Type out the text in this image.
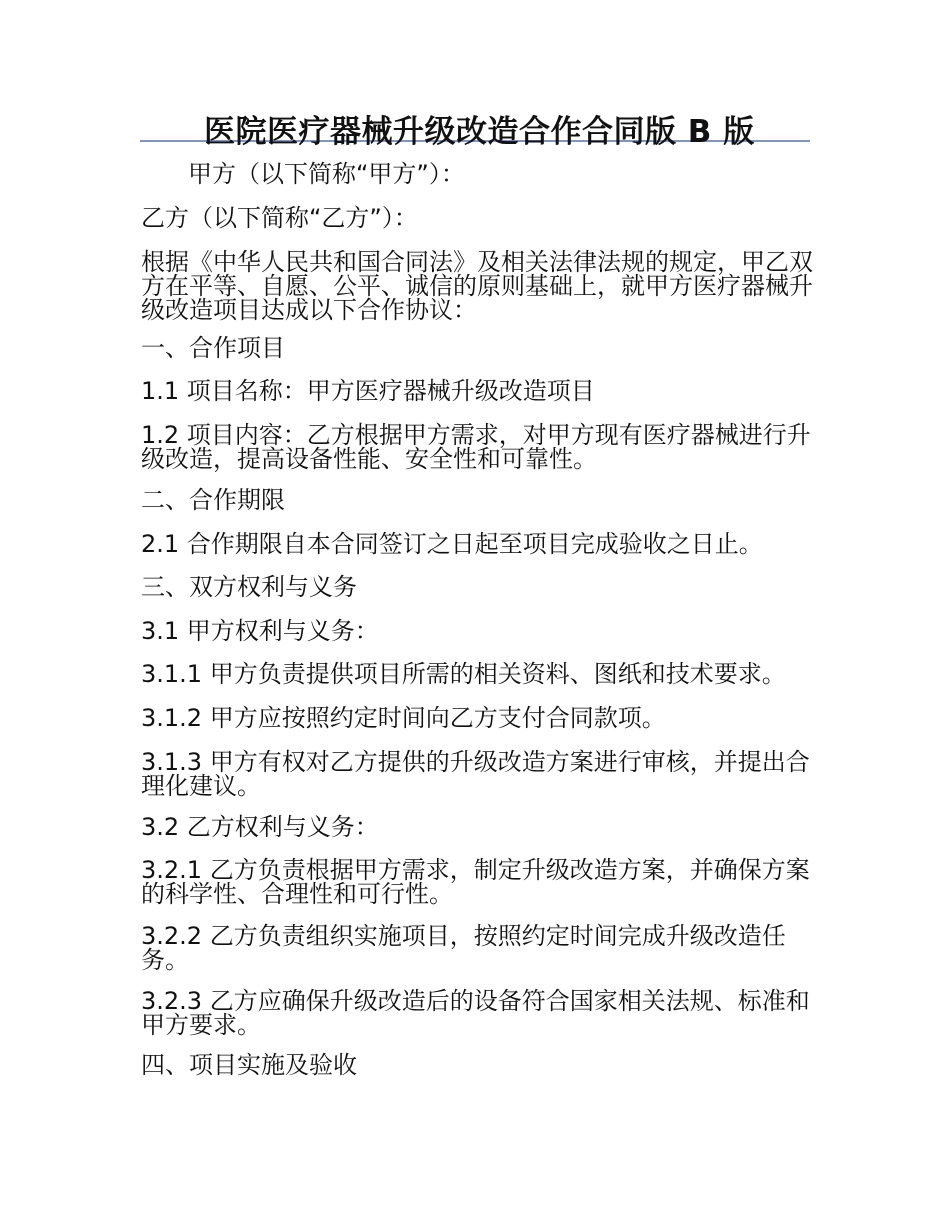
医院医疗器械升级改造合作合同版 B 版
甲方（以下简称“甲方”）：
乙方（以下简称“乙方”）：
根据《中华人民共和国合同法》及相关法律法规的规定，甲乙双方在平等、自愿、公平、诚信的原则基础上，就甲方医疗器械升级改造项目达成以下合作协议：
一、合作项目
1.1 项目名称：甲方医疗器械升级改造项目
1.2 项目内容：乙方根据甲方需求，对甲方现有医疗器械进行升级改造，提高设备性能、安全性和可靠性。
二、合作期限
2.1 合作期限自本合同签订之日起至项目完成验收之日止。
三、双方权利与义务
3.1 甲方权利与义务：
3.1.1 甲方负责提供项目所需的相关资料、图纸和技术要求。
3.1.2 甲方应按照约定时间向乙方支付合同款项。
3.1.3 甲方有权对乙方提供的升级改造方案进行审核，并提出合理化建议。
3.2 乙方权利与义务：
3.2.1 乙方负责根据甲方需求，制定升级改造方案，并确保方案的科学性、合理性和可行性。
3.2.2 乙方负责组织实施项目，按照约定时间完成升级改造任务。
3.2.3 乙方应确保升级改造后的设备符合国家相关法规、标准和甲方要求。
四、项目实施及验收
